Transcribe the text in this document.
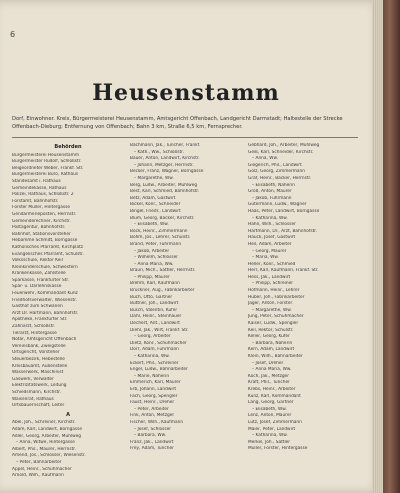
6
Heusenstamm
Dorf, Einwohner. Kreis, Bürgermeisterei Heusenstamm, Amtsgericht Offenbach, Landgericht Darmstadt; Haltestelle der Strecke Offenbach-Dieburg; Entfernung von Offenbach; Bahn 3 km, Straße 6,5 km, Fernsprecher.
Behörden
Bürgermeisterei Heusenstamm
Bürgermeister Rudolf, Schloßstr.
Beigeordneter Weber, Frankf. Str.
Bürgermeisterei Büro, Rathaus
Standesamt i. Rathaus
Gemeindekasse, Rathaus
Polizei, Rathaus, Schloßstr. 2
Forstamt, Bahnhofstr.
Förster Müller, Hintergasse
Gendarmerieposten, Herrnstr.
Gemeinderechner, Kirchstr.
Postagentur, Bahnhofstr.
Bahnhof, Stationsvorsteher
Hebamme Schmitt, Borngasse
Katholisches Pfarramt, Kirchplatz
Evangelisches Pfarramt, Schulstr.
Volksschule, Rektor Keil
Kleinkinderschule, Schwestern
Krankenkasse, Zahlstelle
Sparkasse, Frankfurter Str.
Spar- u. Darlehnskasse
Feuerwehr, Kommandant Kunz
Friedhofsverwalter, Wiesenstr.
Gasthof zum Schwanen
Arzt Dr. Hartmann, Bahnhofstr.
Apotheke, Frankfurter Str.
Zahnarzt, Schloßstr.
Tierarzt, Hintergasse
Notar, Amtsgericht Offenbach
Vereinsbank, Zweigstelle
Ortsgericht, Vorsteher
Steuerbezirk, Hebestelle
Kreisbauamt, Außenstelle
Wasserwerk, Maschinist
Gaswerk, Verwalter
Elektrizitätswerk, Leitung
Schiedsmann, Kirchstr.
Waisenrat, Rathaus
Ortsbauernschaft, Leiter
A
Abel, Joh., Schreiner, Kirchstr.
Adam, Karl, Landwirt, Borngasse
Adler, Georg, Arbeiter, Mühlweg
– Anna, Witwe, Hintergasse
Albert, Phil., Maurer, Herrnstr.
Amend, Jos., Schlosser, Wiesenstr.
– Peter, Bahnarbeiter
Appel, Heinr., Schuhmacher
Arnold, Wilh., Kaufmann
Bachmann, Jak., Tüncher, Frankf.
– Kath., Ww., Schloßstr.
Bauer, Anton, Landwirt, Kirchstr.
– Johann, Metzger, Herrnstr.
Becker, Franz, Wagner, Borngasse
– Margarethe, Ww.
Berg, Ludw., Arbeiter, Mühlweg
Best, Karl, Schmied, Bahnhofstr.
Betz, Adam, Gastwirt
Bickel, Konr., Schneider
Bingel, Friedr., Landwirt
Blum, Georg, Bäcker, Kirchstr.
– Elisabeth, Ww.
Bock, Heinr., Zimmermann
Böhm, Jos., Lehrer, Schulstr.
Brand, Peter, Fuhrmann
– Jakob, Arbeiter
– Wilhelm, Schlosser
– Anna Maria, Ww.
Braun, Mich., Sattler, Herrnstr.
– Philipp, Maurer
Brehm, Karl, Kaufmann
Brückner, Aug., Fabrikarbeiter
Buch, Otto, Gärtner
Büttner, Joh., Landwirt
Busch, Valentin, Küfer
Dahl, Heinr., Steinhauer
Dechert, Ant., Landwirt
Diehl, Jak., Wirt, Frankf. Str.
– Georg, Arbeiter
Dietz, Konr., Schuhmacher
Dörr, Adam, Fuhrmann
– Katharina, Ww.
Eckert, Phil., Schreiner
Engel, Ludw., Bahnarbeiter
– Marie, Näherin
Emmerich, Karl, Maurer
Erb, Johann, Landwirt
Fach, Georg, Spengler
Faust, Heinr., Dreher
– Peter, Arbeiter
Fink, Anton, Metzger
Fischer, Wilh., Kaufmann
– Josef, Schlosser
– Barbara, Ww.
Franz, Jak., Landwirt
Frey, Adam, Tüncher
Gebhard, Joh., Arbeiter, Mühlweg
Geiß, Karl, Schneider, Kirchstr.
– Anna, Ww.
Giegerich, Phil., Landwirt
Gölz, Georg, Zimmermann
Graf, Heinr., Bäcker, Herrnstr.
– Elisabeth, Näherin
Groß, Anton, Maurer
– Jakob, Fuhrmann
Gutermann, Ludw., Wagner
Haas, Peter, Landwirt, Borngasse
– Katharina, Ww.
Hahn, Wilh., Schlosser
Hartmann, Dr., Arzt, Bahnhofstr.
Hauck, Josef, Gastwirt
Heil, Adam, Arbeiter
– Georg, Maurer
– Maria, Ww.
Heller, Konr., Schmied
Herr, Karl, Kaufmann, Frankf. Str.
Hess, Jak., Landwirt
– Philipp, Schreiner
Hofmann, Heinr., Lehrer
Huber, Joh., Fabrikarbeiter
Jäger, Anton, Förster
– Margarethe, Ww.
Jung, Peter, Schuhmacher
Kaiser, Ludw., Spengler
Keil, Rektor, Schulstr.
Keller, Georg, Küfer
– Barbara, Näherin
Kern, Adam, Landwirt
Klein, Wilh., Bahnarbeiter
– Josef, Dreher
– Anna Maria, Ww.
Koch, Jak., Metzger
Kraft, Phil., Tüncher
Krebs, Heinr., Arbeiter
Kunz, Karl, Kommandant
Lang, Georg, Gärtner
– Elisabeth, Ww.
Lenz, Anton, Maurer
Lutz, Josef, Zimmermann
Maier, Peter, Landwirt
– Katharina, Ww.
Merkel, Joh., Sattler
Müller, Förster, Hintergasse
